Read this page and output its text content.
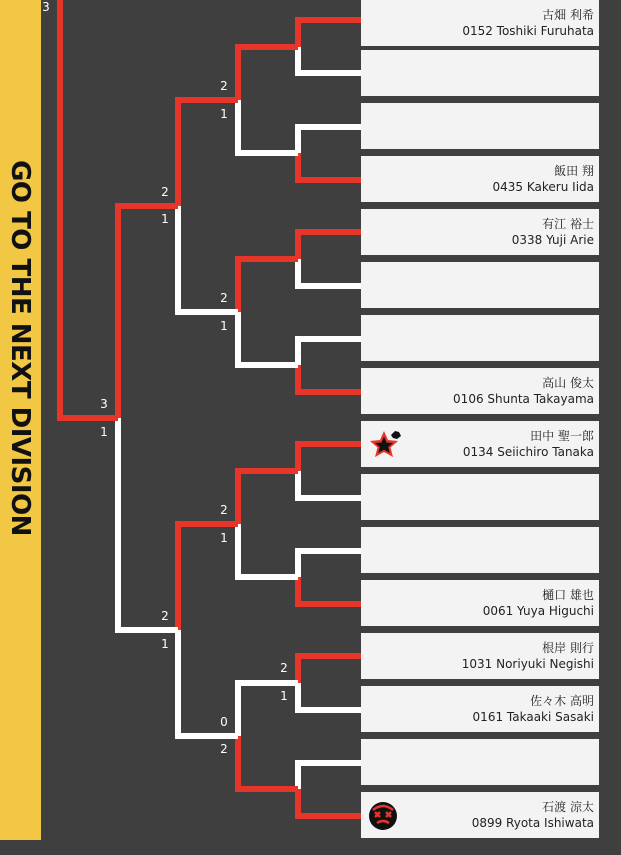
GO TO THE NEXT DIVISION
古畑 利希
0152 Toshiki Furuhata
飯田 翔
0435 Kakeru Iida
有江 裕士
0338 Yuji Arie
高山 俊太
0106 Shunta Takayama
田中 聖一郎
0134 Seiichiro Tanaka
樋口 雄也
0061 Yuya Higuchi
根岸 則行
1031 Noriyuki Negishi
佐々木 高明
0161 Takaaki Sasaki
石渡 涼太
0899 Ryota Ishiwata
3
3
1
2
1
2
1
2
1
2
1
2
1
0
2
2
1
